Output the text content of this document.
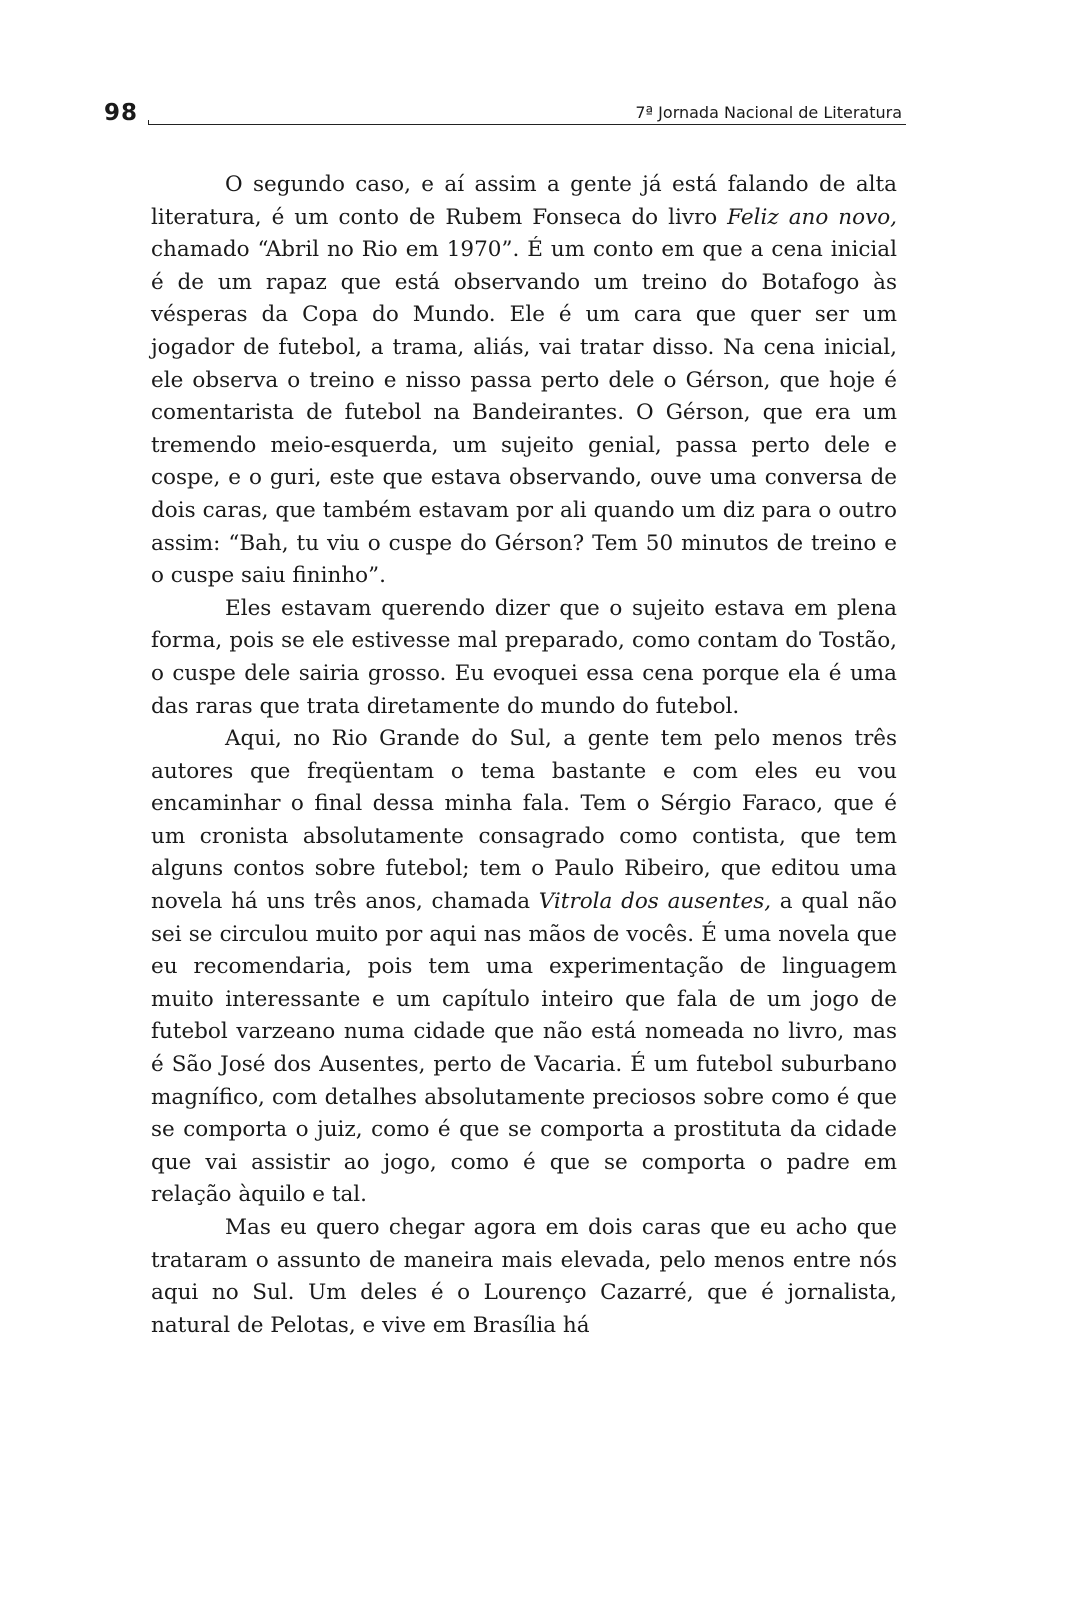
98	7ª Jornada Nacional de Literatura

O segundo caso, e aí assim a gente já está falando de alta literatura, é um conto de Rubem Fonseca do livro Feliz ano novo, chamado “Abril no Rio em 1970”. É um conto em que a cena inicial é de um rapaz que está observando um treino do Botafogo às vésperas da Copa do Mundo. Ele é um cara que quer ser um jogador de futebol, a trama, aliás, vai tratar disso. Na cena inicial, ele observa o treino e nisso passa perto dele o Gérson, que hoje é comentarista de futebol na Bandeirantes. O Gérson, que era um tremendo meio-esquerda, um sujeito genial, passa perto dele e cospe, e o guri, este que estava observando, ouve uma conversa de dois caras, que também estavam por ali quando um diz para o outro assim: “Bah, tu viu o cuspe do Gérson? Tem 50 minutos de treino e o cuspe saiu fininho”.

Eles estavam querendo dizer que o sujeito estava em plena forma, pois se ele estivesse mal preparado, como contam do Tostão, o cuspe dele sairia grosso. Eu evoquei essa cena porque ela é uma das raras que trata diretamente do mundo do futebol.

Aqui, no Rio Grande do Sul, a gente tem pelo menos três autores que freqüentam o tema bastante e com eles eu vou encaminhar o final dessa minha fala. Tem o Sérgio Faraco, que é um cronista absolutamente consagrado como contista, que tem alguns contos sobre futebol; tem o Paulo Ribeiro, que editou uma novela há uns três anos, chamada Vitrola dos ausentes, a qual não sei se circulou muito por aqui nas mãos de vocês. É uma novela que eu recomendaria, pois tem uma experimentação de linguagem muito interessante e um capítulo inteiro que fala de um jogo de futebol varzeano numa cidade que não está nomeada no livro, mas é São José dos Ausentes, perto de Vacaria. É um futebol suburbano magnífico, com detalhes absolutamente preciosos sobre como é que se comporta o juiz, como é que se comporta a prostituta da cidade que vai assistir ao jogo, como é que se comporta o padre em relação àquilo e tal.

Mas eu quero chegar agora em dois caras que eu acho que trataram o assunto de maneira mais elevada, pelo menos entre nós aqui no Sul. Um deles é o Lourenço Cazarré, que é jornalista, natural de Pelotas, e vive em Brasília há
